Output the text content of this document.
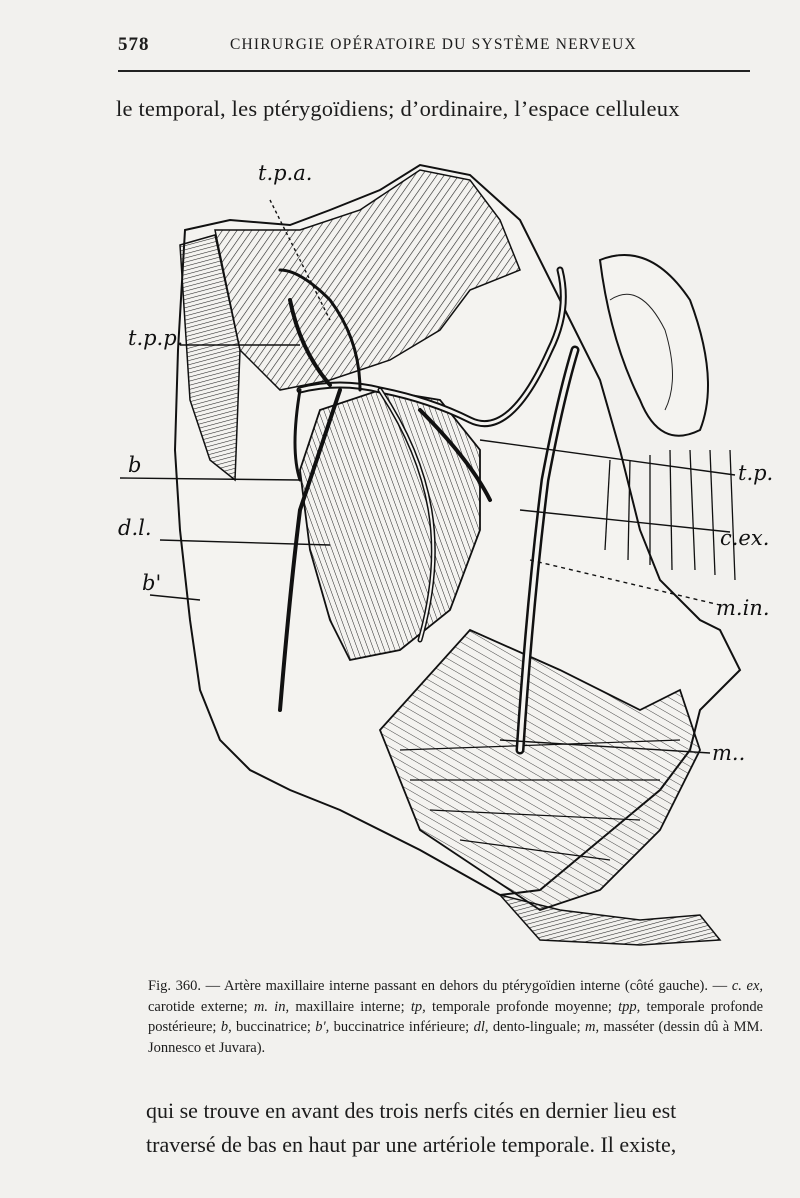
578	CHIRURGIE OPÉRATOIRE DU SYSTÈME NERVEUX
le temporal, les ptérygoïdiens; d’ordinaire, l’espace celluleux
t.p.a.
t.p.p.
b
d.l.
b'
t.p.
c.ex.
m.in.
m..
Fig. 360. — Artère maxillaire interne passant en dehors du ptérygoïdien interne (côté gauche). — c. ex, carotide externe; m. in, maxillaire interne; tp, temporale profonde moyenne; tpp, temporale profonde postérieure; b, buccinatrice; b', buccinatrice inférieure; dl, dento-linguale; m, masséter (dessin dû à MM. Jonnesco et Juvara).
qui se trouve en avant des trois nerfs cités en dernier lieu est
traversé de bas en haut par une artériole temporale. Il existe,
